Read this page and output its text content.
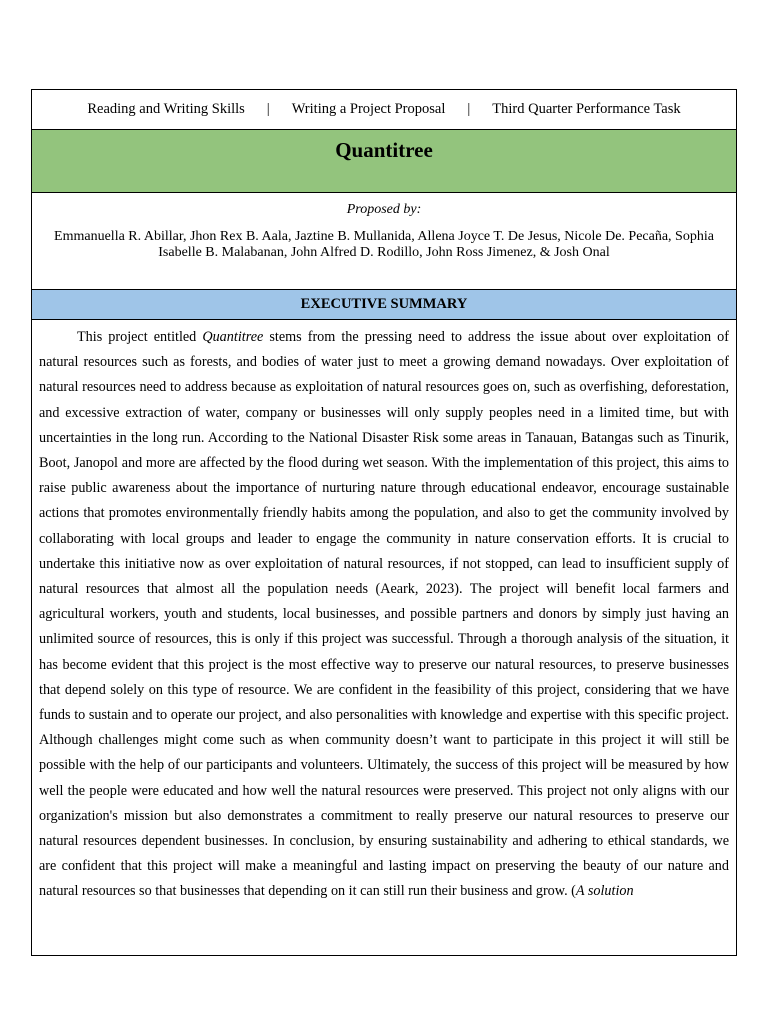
Reading and Writing Skills | Writing a Project Proposal | Third Quarter Performance Task
Quantitree
Proposed by:
Emmanuella R. Abillar, Jhon Rex B. Aala, Jaztine B. Mullanida, Allena Joyce T. De Jesus, Nicole De. Pecaña, Sophia Isabelle B. Malabanan, John Alfred D. Rodillo, John Ross Jimenez, & Josh Onal
EXECUTIVE SUMMARY

This project entitled Quantitree stems from the pressing need to address the issue about over exploitation of natural resources such as forests, and bodies of water just to meet a growing demand nowadays. Over exploitation of natural resources need to address because as exploitation of natural resources goes on, such as overfishing, deforestation, and excessive extraction of water, company or businesses will only supply peoples need in a limited time, but with uncertainties in the long run. According to the National Disaster Risk some areas in Tanauan, Batangas such as Tinurik, Boot, Janopol and more are affected by the flood during wet season. With the implementation of this project, this aims to raise public awareness about the importance of nurturing nature through educational endeavor, encourage sustainable actions that promotes environmentally friendly habits among the population, and also to get the community involved by collaborating with local groups and leader to engage the community in nature conservation efforts. It is crucial to undertake this initiative now as over exploitation of natural resources, if not stopped, can lead to insufficient supply of natural resources that almost all the population needs (Aeark, 2023). The project will benefit local farmers and agricultural workers, youth and students, local businesses, and possible partners and donors by simply just having an unlimited source of resources, this is only if this project was successful. Through a thorough analysis of the situation, it has become evident that this project is the most effective way to preserve our natural resources, to preserve businesses that depend solely on this type of resource. We are confident in the feasibility of this project, considering that we have funds to sustain and to operate our project, and also personalities with knowledge and expertise with this specific project. Although challenges might come such as when community doesn’t want to participate in this project it will still be possible with the help of our participants and volunteers. Ultimately, the success of this project will be measured by how well the people were educated and how well the natural resources were preserved. This project not only aligns with our organization's mission but also demonstrates a commitment to really preserve our natural resources to preserve our natural resources dependent businesses. In conclusion, by ensuring sustainability and adhering to ethical standards, we are confident that this project will make a meaningful and lasting impact on preserving the beauty of our nature and natural resources so that businesses that depending on it can still run their business and grow. (A solution
